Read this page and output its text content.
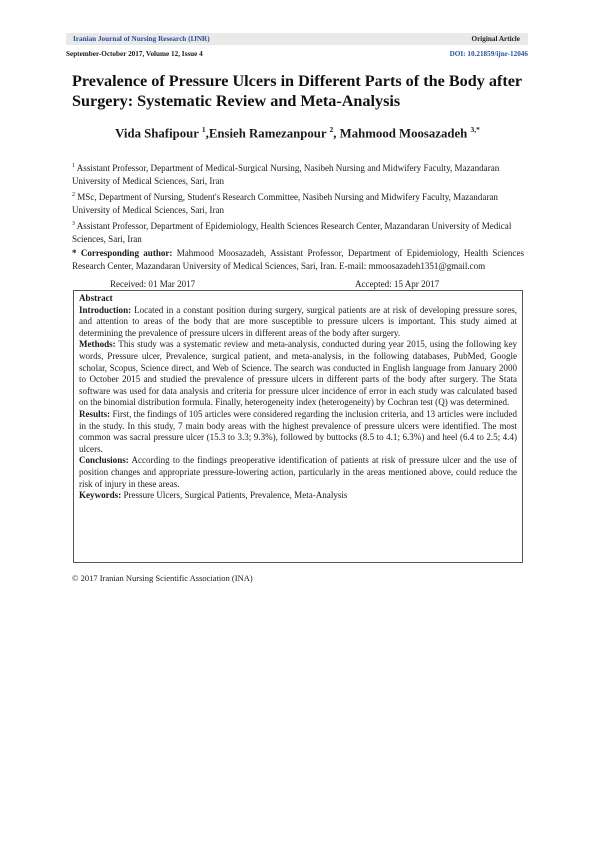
Iranian Journal of Nursing Research (IJNR)	Original Article
September-October 2017, Volume 12, Issue 4	DOI: 10.21859/ijnr-12046
Prevalence of Pressure Ulcers in Different Parts of the Body after Surgery: Systematic Review and Meta-Analysis
Vida Shafipour $^1$,Ensieh Ramezanpour $^2$, Mahmood Moosazadeh $^{3,*}$
$^1$ Assistant Professor, Department of Medical-Surgical Nursing, Nasibeh Nursing and Midwifery Faculty, Mazandaran University of Medical Sciences, Sari, Iran
$^2$ MSc, Department of Nursing, Student's Research Committee, Nasibeh Nursing and Midwifery Faculty, Mazandaran University of Medical Sciences, Sari, Iran
$^3$ Assistant Professor, Department of Epidemiology, Health Sciences Research Center, Mazandaran University of Medical Sciences, Sari, Iran
* Corresponding author: Mahmood Moosazadeh, Assistant Professor, Department of Epidemiology, Health Sciences Research Center, Mazandaran University of Medical Sciences, Sari, Iran. E-mail: mmoosazadeh1351@gmail.com
Received: 01 Mar 2017	Accepted: 15 Apr 2017

Abstract

Introduction: Located in a constant position during surgery, surgical patients are at risk of developing pressure sores, and attention to areas of the body that are more susceptible to pressure ulcers is important. This study aimed at determining the prevalence of pressure ulcers in different areas of the body after surgery.

Methods: This study was a systematic review and meta-analysis, conducted during year 2015, using the following key words, Pressure ulcer, Prevalence, surgical patient, and meta-analysis, in the following databases, PubMed, Google scholar, Scopus, Science direct, and Web of Science. The search was conducted in English language from January 2000 to October 2015 and studied the prevalence of pressure ulcers in different parts of the body after surgery. The Stata software was used for data analysis and criteria for pressure ulcer incidence of error in each study was calculated based on the binomial distribution formula. Finally, heterogeneity index (heterogeneity) by Cochran test (Q) was determined.

Results: First, the findings of 105 articles were considered regarding the inclusion criteria, and 13 articles were included in the study. In this study, 7 main body areas with the highest prevalence of pressure ulcers were identified. The most common was sacral pressure ulcer (15.3 to 3.3; 9.3%), followed by buttocks (8.5 to 4.1; 6.3%) and heel (6.4 to 2.5; 4.4) ulcers.

Conclusions: According to the findings preoperative identification of patients at risk of pressure ulcer and the use of position changes and appropriate pressure-lowering action, particularly in the areas mentioned above, could reduce the risk of injury in these areas.

Keywords: Pressure Ulcers, Surgical Patients, Prevalence, Meta-Analysis

© 2017 Iranian Nursing Scientific Association (INA)
